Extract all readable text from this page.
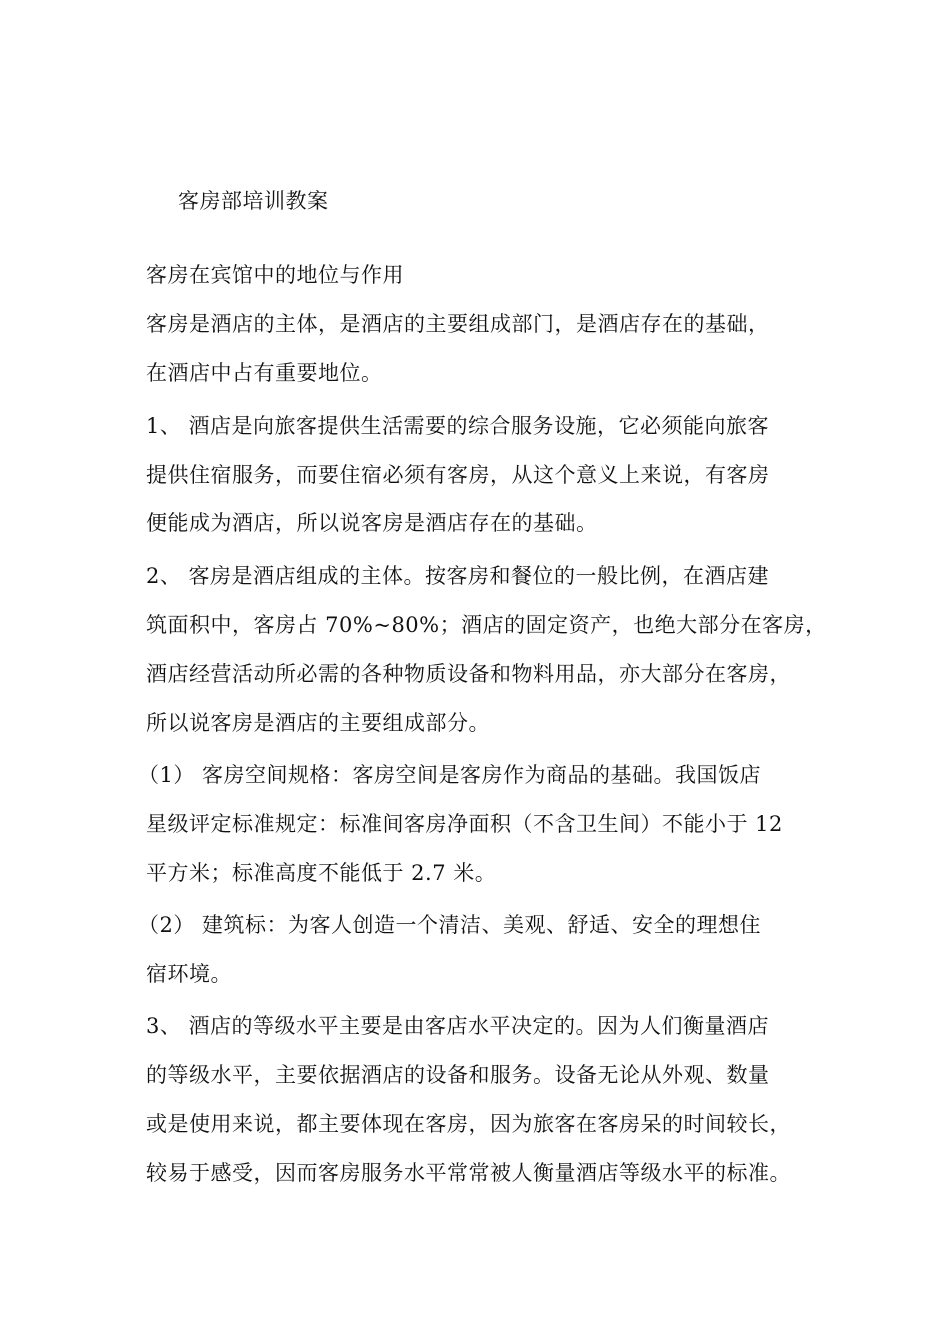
客房部培训教案
客房在宾馆中的地位与作用
客房是酒店的主体，是酒店的主要组成部门，是酒店存在的基础，
在酒店中占有重要地位。
1、 酒店是向旅客提供生活需要的综合服务设施，它必须能向旅客
提供住宿服务，而要住宿必须有客房，从这个意义上来说，有客房
便能成为酒店，所以说客房是酒店存在的基础。
2、 客房是酒店组成的主体。按客房和餐位的一般比例，在酒店建
筑面积中，客房占 70%~80%；酒店的固定资产，也绝大部分在客房，
酒店经营活动所必需的各种物质设备和物料用品，亦大部分在客房，
所以说客房是酒店的主要组成部分。
（1） 客房空间规格：客房空间是客房作为商品的基础。我国饭店
星级评定标准规定：标准间客房净面积（不含卫生间）不能小于 12
平方米；标准高度不能低于 2.7 米。
（2） 建筑标：为客人创造一个清洁、美观、舒适、安全的理想住
宿环境。
3、 酒店的等级水平主要是由客店水平决定的。因为人们衡量酒店
的等级水平，主要依据酒店的设备和服务。设备无论从外观、数量
或是使用来说，都主要体现在客房，因为旅客在客房呆的时间较长，
较易于感受，因而客房服务水平常常被人衡量酒店等级水平的标准。
